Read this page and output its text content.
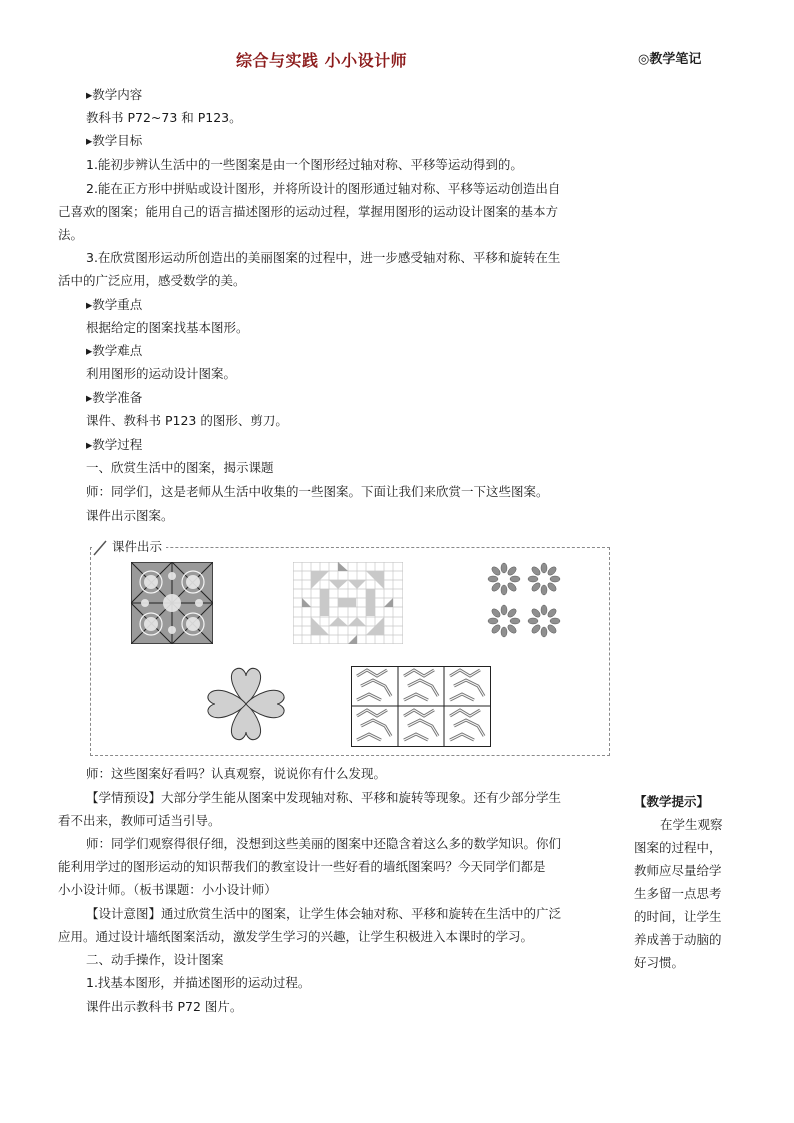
综合与实践 小小设计师	◎教学笔记
▸教学内容
教科书 P72~73 和 P123。
▸教学目标
1.能初步辨认生活中的一些图案是由一个图形经过轴对称、平移等运动得到的。
2.能在正方形中拼贴或设计图形，并将所设计的图形通过轴对称、平移等运动创造出自
己喜欢的图案；能用自己的语言描述图形的运动过程，掌握用图形的运动设计图案的基本方
法。
3.在欣赏图形运动所创造出的美丽图案的过程中，进一步感受轴对称、平移和旋转在生
活中的广泛应用，感受数学的美。
▸教学重点
根据给定的图案找基本图形。
▸教学难点
利用图形的运动设计图案。
▸教学准备
课件、教科书 P123 的图形、剪刀。
▸教学过程
一、欣赏生活中的图案，揭示课题
师：同学们，这是老师从生活中收集的一些图案。下面让我们来欣赏一下这些图案。
课件出示图案。
课件出示
师：这些图案好看吗？认真观察，说说你有什么发现。
【学情预设】大部分学生能从图案中发现轴对称、平移和旋转等现象。还有少部分学生
看不出来，教师可适当引导。
师：同学们观察得很仔细，没想到这些美丽的图案中还隐含着这么多的数学知识。你们
能利用学过的图形运动的知识帮我们的教室设计一些好看的墙纸图案吗？今天同学们都是
小小设计师。（板书课题：小小设计师）
【设计意图】通过欣赏生活中的图案，让学生体会轴对称、平移和旋转在生活中的广泛
应用。通过设计墙纸图案活动，激发学生学习的兴趣，让学生积极进入本课时的学习。
二、动手操作，设计图案
1.找基本图形，并描述图形的运动过程。
课件出示教科书 P72 图片。
【教学提示】
在学生观察
图案的过程中，
教师应尽量给学
生多留一点思考
的时间，让学生
养成善于动脑的
好习惯。
